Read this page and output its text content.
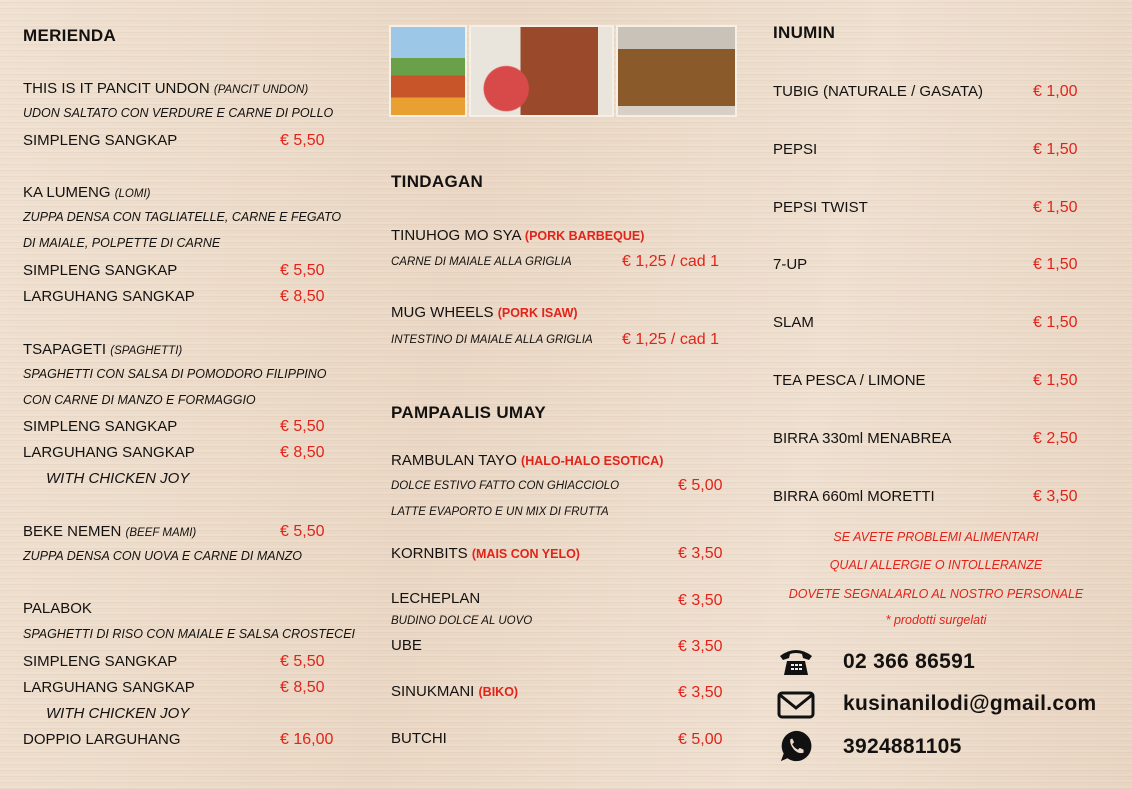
MERIENDA
THIS IS IT PANCIT UNDON (PANCIT UNDON)
UDON SALTATO CON VERDURE E CARNE DI POLLO
SIMPLENG SANGKAP	€ 5,50
KA LUMENG (LOMI)
ZUPPA DENSA CON TAGLIATELLE, CARNE E FEGATO
DI MAIALE, POLPETTE DI CARNE
SIMPLENG SANGKAP	€ 5,50
LARGUHANG SANGKAP	€ 8,50
TSAPAGETI (SPAGHETTI)
SPAGHETTI CON SALSA DI POMODORO FILIPPINO
CON CARNE DI MANZO E FORMAGGIO
SIMPLENG SANGKAP	€ 5,50
LARGUHANG SANGKAP	€ 8,50
WITH CHICKEN JOY
BEKE NEMEN (BEEF MAMI)	€ 5,50
ZUPPA DENSA CON UOVA E CARNE DI MANZO
PALABOK
SPAGHETTI DI RISO CON MAIALE E SALSA CROSTECEI
SIMPLENG SANGKAP	€ 5,50
LARGUHANG SANGKAP	€ 8,50
WITH CHICKEN JOY
DOPPIO LARGUHANG	€ 16,00
TINDAGAN
TINUHOG MO SYA (PORK BARBEQUE)
CARNE DI MAIALE ALLA GRIGLIA	€ 1,25 / cad 1
MUG WHEELS (PORK ISAW)
INTESTINO DI MAIALE ALLA GRIGLIA € 1,25 / cad 1
PAMPAALIS UMAY
RAMBULAN TAYO (HALO-HALO ESOTICA)
DOLCE ESTIVO FATTO CON GHIACCIOLO	€ 5,00
LATTE EVAPORTO E UN MIX DI FRUTTA
KORNBITS (MAIS CON YELO)	€ 3,50
LECHEPLAN	€ 3,50
BUDINO DOLCE AL UOVO
UBE	€ 3,50
SINUKMANI (BIKO)	€ 3,50
BUTCHI	€ 5,00
INUMIN
TUBIG (NATURALE / GASATA)	€ 1,00
PEPSI	€ 1,50
PEPSI TWIST	€ 1,50
7-UP	€ 1,50
SLAM	€ 1,50
TEA PESCA / LIMONE	€ 1,50
BIRRA 330ml MENABREA	€ 2,50
BIRRA 660ml MORETTI	€ 3,50
SE AVETE PROBLEMI ALIMENTARI
QUALI ALLERGIE O INTOLLERANZE
DOVETE SEGNALARLO AL NOSTRO PERSONALE
* prodotti surgelati
02 366 86591
kusinanilodi@gmail.com
3924881105
